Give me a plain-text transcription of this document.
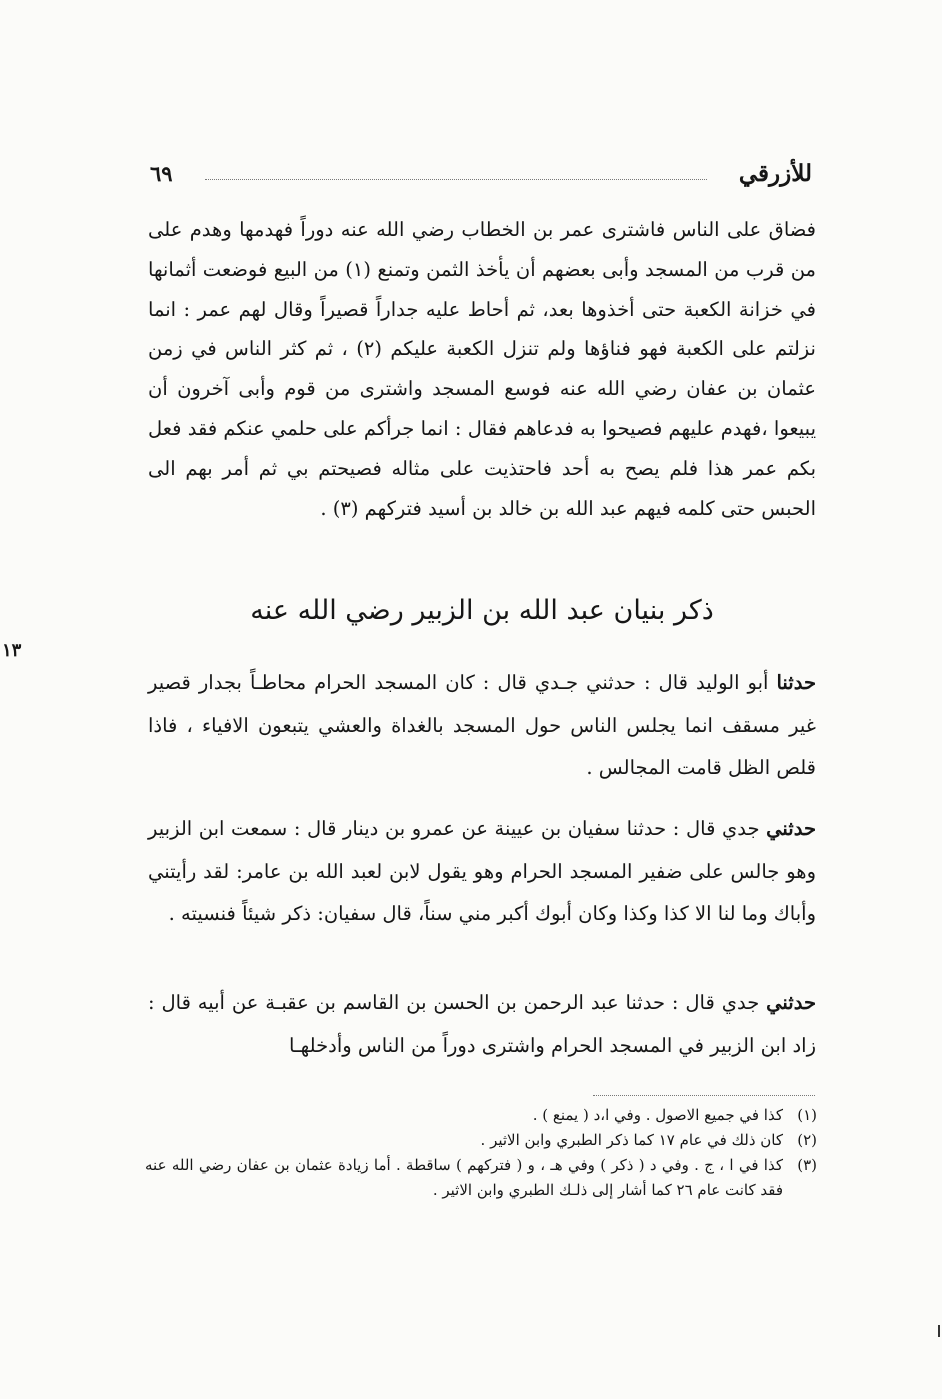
للأزرقي
٦٩
فضاق على الناس فاشترى عمر بن الخطاب رضي الله عنه دوراً فهدمها وهدم على من قرب من المسجد وأبى بعضهم أن يأخذ الثمن وتمنع (١) من البيع فوضعت أثمانها في خزانة الكعبة حتى أخذوها بعد، ثم أحاط عليه جداراً قصيراً وقال لهم عمر : انما نزلتم على الكعبة فهو فناؤها ولم تنزل الكعبة عليكم (٢) ، ثم كثر الناس في زمن عثمان بن عفان رضي الله عنه فوسع المسجد واشترى من قوم وأبى آخرون أن يبيعوا ،فهدم عليهم فصيحوا به فدعاهم فقال : انما جرأكم على حلمي عنكم فقد فعل بكم عمر هذا فلم يصح به أحد فاحتذيت على مثاله فصيحتم بي ثم أمر بهم الى الحبس حتى كلمه فيهم عبد الله بن خالد بن أسيد فتركهم (٣) .
ذكر بنيان عبد الله بن الزبير رضي الله عنه
حدثنا أبو الوليد قال : حدثني جـدي قال : كان المسجد الحرام محاطـاً بجدار قصير غير مسقف انما يجلس الناس حول المسجد بالغداة والعشي يتبعون الافياء ، فاذا قلص الظل قامت المجالس .
حدثني جدي قال : حدثنا سفيان بن عيينة عن عمرو بن دينار قال : سمعت ابن الزبير وهو جالس على ضفير المسجد الحرام وهو يقول لابن لعبد الله بن عامر: لقد رأيتني وأباك وما لنا الا كذا وكذا وكان أبوك أكبر مني سناً، قال سفيان: ذكر شيئاً فنسيته .
حدثني جدي قال : حدثنا عبد الرحمن بن الحسن بن القاسم بن عقبـة عن أبيه قال : زاد ابن الزبير في المسجد الحرام واشترى دوراً من الناس وأدخلهـا
(١)
كذا في جميع الاصول . وفي ا،د ( يمنع ) .
(٢)
كان ذلك في عام ١٧ كما ذكر الطبري وابن الاثير .
(٣)
كذا في ا ، ج . وفي د ( ذكر ) وفي هـ ، و ( فتركهم ) ساقطة . أما زيادة عثمان بن عفان رضي الله عنه فقد كانت عام ٢٦ كما أشار إلى ذلـك الطبري وابن الاثير .
١٣
